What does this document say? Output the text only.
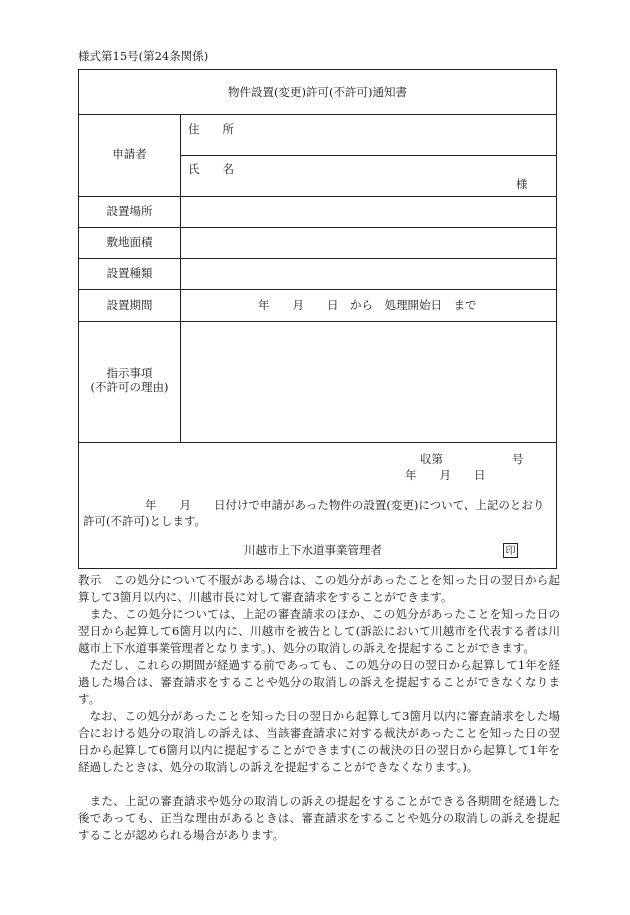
様式第15号(第24条関係)
物件設置(変更)許可(不許可)通知書
申請者
住　　所
氏　　名
様
設置場所
敷地面積
設置種類
設置期間	年　　月　　日　から　処理開始日　まで
指示事項
(不許可の理由)
収第　　　　　　号
年　　月　　日
年　　月　　日付けで申請があった物件の設置(変更)について、上記のとおり
許可(不許可)とします。
川越市上下水道事業管理者	印
教示　この処分について不服がある場合は、この処分があったことを知った日の翌日から起算して3箇月以内に、川越市長に対して審査請求をすることができます。
　また、この処分については、上記の審査請求のほか、この処分があったことを知った日の翌日から起算して6箇月以内に、川越市を被告として(訴訟において川越市を代表する者は川越市上下水道事業管理者となります。)、処分の取消しの訴えを提起することができます。
　ただし、これらの期間が経過する前であっても、この処分の日の翌日から起算して1年を経過した場合は、審査請求をすることや処分の取消しの訴えを提起することができなくなります。
　なお、この処分があったことを知った日の翌日から起算して3箇月以内に審査請求をした場合における処分の取消しの訴えは、当該審査請求に対する裁決があったことを知った日の翌日から起算して6箇月以内に提起することができます(この裁決の日の翌日から起算して1年を経過したときは、処分の取消しの訴えを提起することができなくなります。)。
　また、上記の審査請求や処分の取消しの訴えの提起をすることができる各期間を経過した後であっても、正当な理由があるときは、審査請求をすることや処分の取消しの訴えを提起することが認められる場合があります。
